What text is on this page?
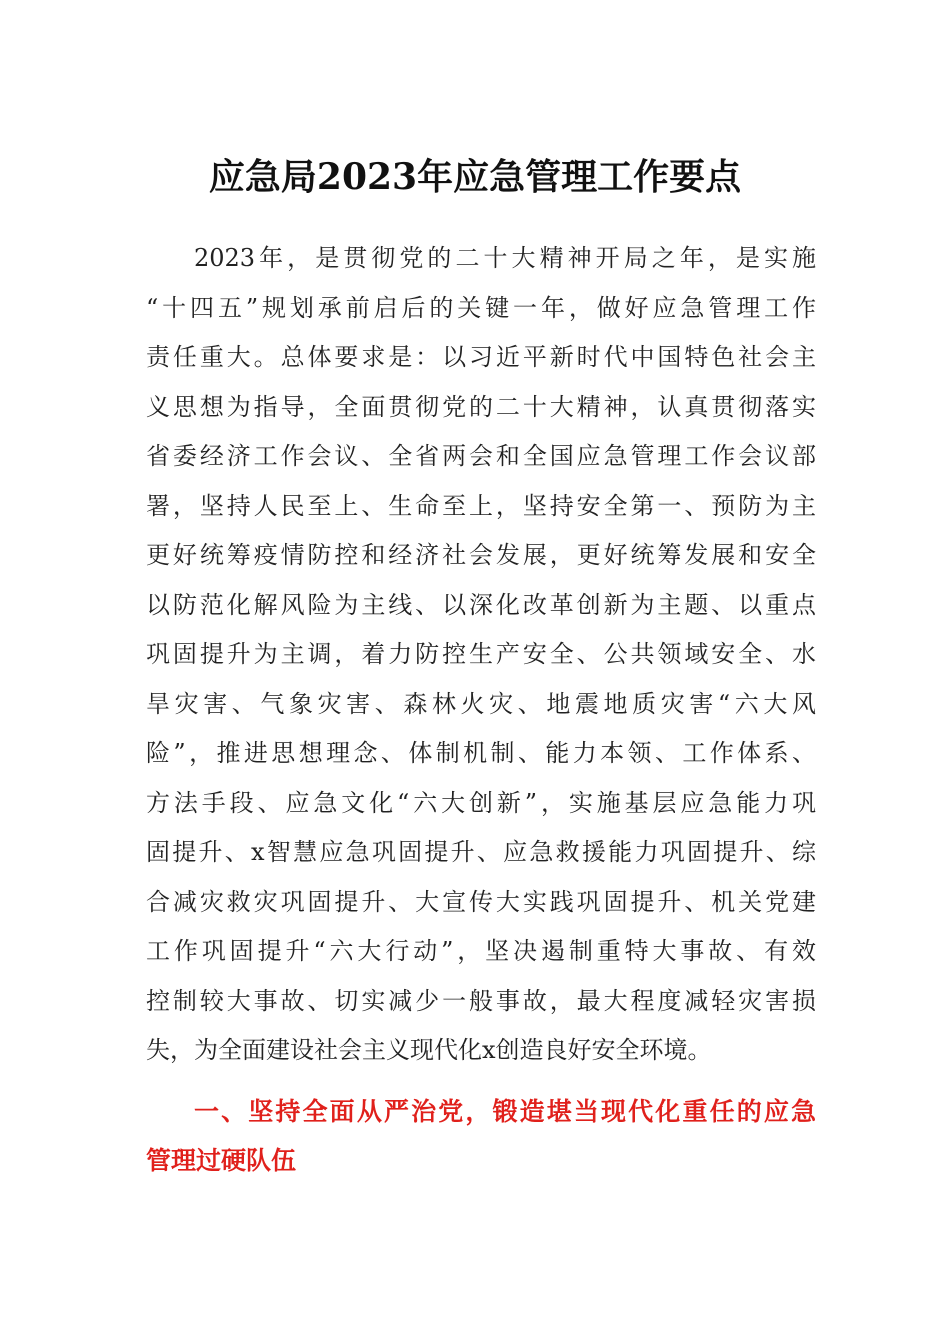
应急局2023年应急管理工作要点
2023年，是贯彻党的二十大精神开局之年，是实施
“十四五”规划承前启后的关键一年，做好应急管理工作
责任重大。总体要求是：以习近平新时代中国特色社会主
义思想为指导，全面贯彻党的二十大精神，认真贯彻落实
省委经济工作会议、全省两会和全国应急管理工作会议部
署，坚持人民至上、生命至上，坚持安全第一、预防为主
更好统筹疫情防控和经济社会发展，更好统筹发展和安全
以防范化解风险为主线、以深化改革创新为主题、以重点
巩固提升为主调，着力防控生产安全、公共领域安全、水
旱灾害、气象灾害、森林火灾、地震地质灾害“六大风
险”，推进思想理念、体制机制、能力本领、工作体系、
方法手段、应急文化“六大创新”，实施基层应急能力巩
固提升、x智慧应急巩固提升、应急救援能力巩固提升、综
合减灾救灾巩固提升、大宣传大实践巩固提升、机关党建
工作巩固提升“六大行动”，坚决遏制重特大事故、有效
控制较大事故、切实减少一般事故，最大程度减轻灾害损
失，为全面建设社会主义现代化x创造良好安全环境。
一、坚持全面从严治党，锻造堪当现代化重任的应急
管理过硬队伍
